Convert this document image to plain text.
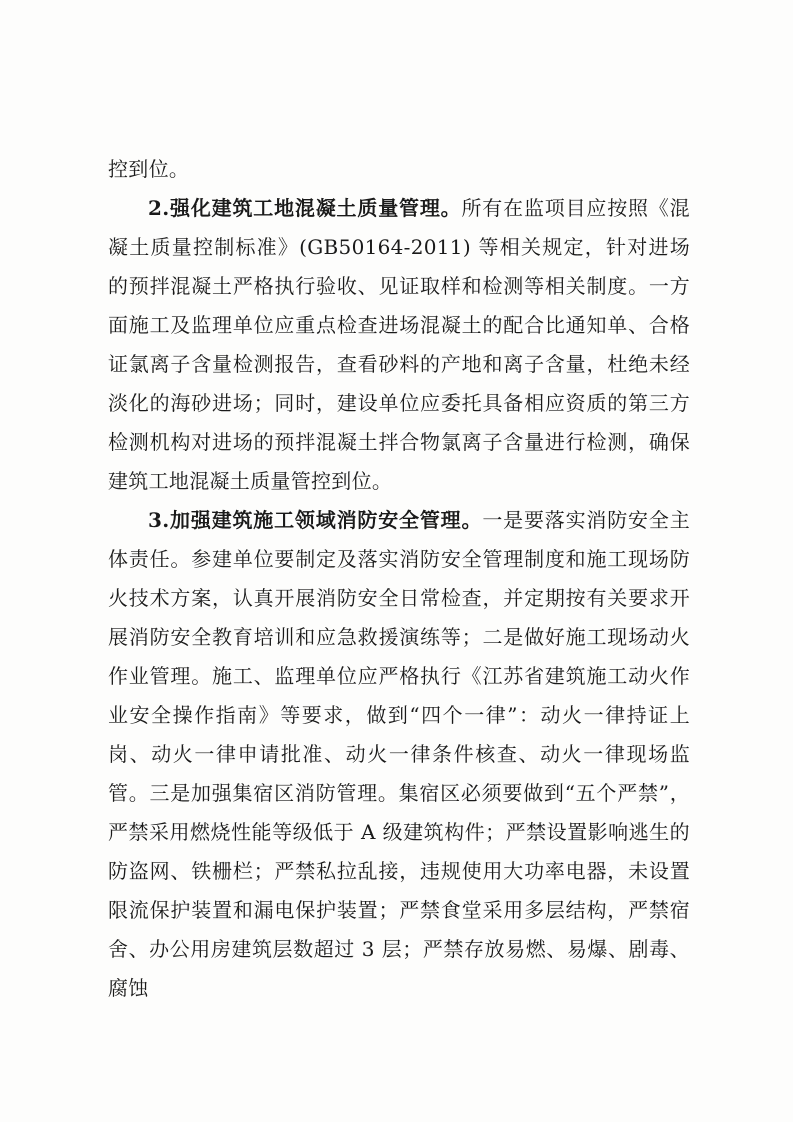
控到位。

2.强化建筑工地混凝土质量管理。所有在监项目应按照《混凝土质量控制标准》(GB50164-2011) 等相关规定，针对进场的预拌混凝土严格执行验收、见证取样和检测等相关制度。一方面施工及监理单位应重点检查进场混凝土的配合比通知单、合格证氯离子含量检测报告，查看砂料的产地和离子含量，杜绝未经淡化的海砂进场；同时，建设单位应委托具备相应资质的第三方检测机构对进场的预拌混凝土拌合物氯离子含量进行检测，确保建筑工地混凝土质量管控到位。

3.加强建筑施工领域消防安全管理。一是要落实消防安全主体责任。参建单位要制定及落实消防安全管理制度和施工现场防火技术方案，认真开展消防安全日常检查，并定期按有关要求开展消防安全教育培训和应急救援演练等；二是做好施工现场动火作业管理。施工、监理单位应严格执行《江苏省建筑施工动火作业安全操作指南》等要求，做到“四个一律”：动火一律持证上岗、动火一律申请批准、动火一律条件核查、动火一律现场监管。三是加强集宿区消防管理。集宿区必须要做到“五个严禁”，严禁采用燃烧性能等级低于 A 级建筑构件；严禁设置影响逃生的防盗网、铁栅栏；严禁私拉乱接，违规使用大功率电器，未设置限流保护装置和漏电保护装置；严禁食堂采用多层结构，严禁宿舍、办公用房建筑层数超过 3 层；严禁存放易燃、易爆、剧毒、腐蚀
